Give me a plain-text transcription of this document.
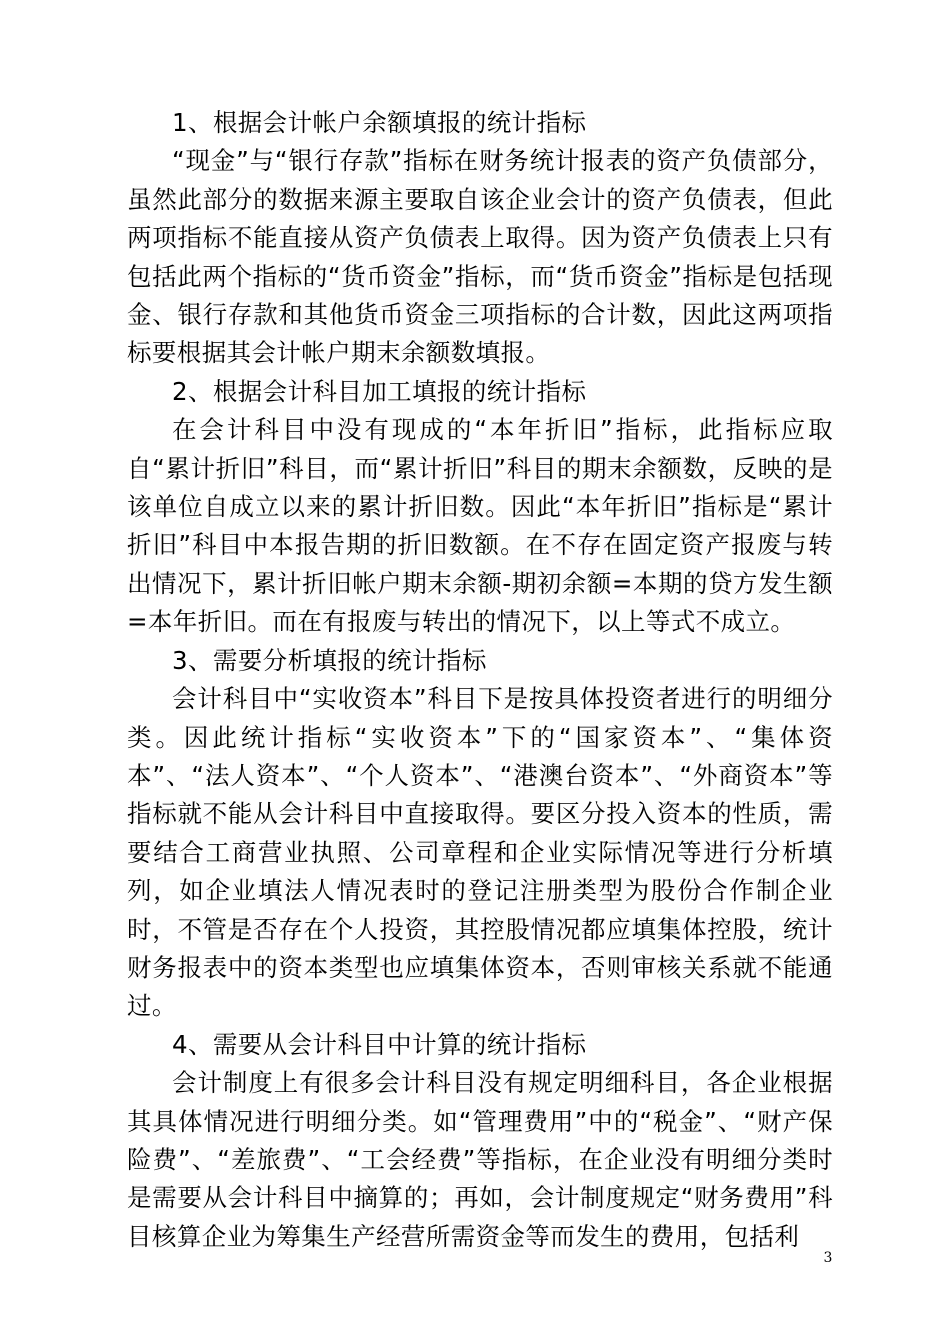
1、根据会计帐户余额填报的统计指标

“现金”与“银行存款”指标在财务统计报表的资产负债部分，虽然此部分的数据来源主要取自该企业会计的资产负债表，但此两项指标不能直接从资产负债表上取得。因为资产负债表上只有包括此两个指标的“货币资金”指标，而“货币资金”指标是包括现金、银行存款和其他货币资金三项指标的合计数，因此这两项指标要根据其会计帐户期末余额数填报。

2、根据会计科目加工填报的统计指标

在会计科目中没有现成的“本年折旧”指标，此指标应取自“累计折旧”科目，而“累计折旧”科目的期末余额数，反映的是该单位自成立以来的累计折旧数。因此“本年折旧”指标是“累计折旧”科目中本报告期的折旧数额。在不存在固定资产报废与转出情况下，累计折旧帐户期末余额-期初余额=本期的贷方发生额=本年折旧。而在有报废与转出的情况下，以上等式不成立。

3、需要分析填报的统计指标

会计科目中“实收资本”科目下是按具体投资者进行的明细分类。因此统计指标“实收资本”下的“国家资本”、“集体资本”、“法人资本”、“个人资本”、“港澳台资本”、“外商资本”等指标就不能从会计科目中直接取得。要区分投入资本的性质，需要结合工商营业执照、公司章程和企业实际情况等进行分析填列，如企业填法人情况表时的登记注册类型为股份合作制企业时，不管是否存在个人投资，其控股情况都应填集体控股，统计财务报表中的资本类型也应填集体资本，否则审核关系就不能通过。

4、需要从会计科目中计算的统计指标

会计制度上有很多会计科目没有规定明细科目，各企业根据其具体情况进行明细分类。如“管理费用”中的“税金”、“财产保险费”、“差旅费”、“工会经费”等指标，在企业没有明细分类时是需要从会计科目中摘算的；再如，会计制度规定“财务费用”科目核算企业为筹集生产经营所需资金等而发生的费用，包括利

3
